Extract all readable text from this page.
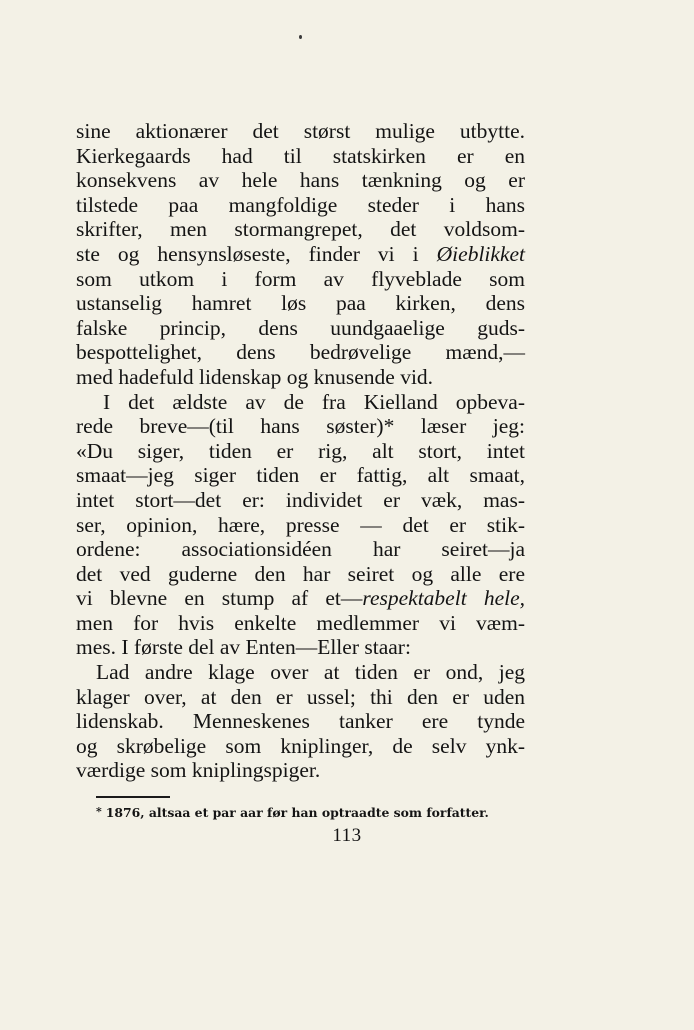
sine aktionærer det størst mulige utbytte.
Kierkegaards had til statskirken er en
konsekvens av hele hans tænkning og er
tilstede paa mangfoldige steder i hans
skrifter, men stormangrepet, det voldsom-
ste og hensynsløseste, finder vi i Øieblikket
som utkom i form av flyveblade som
ustanselig hamret løs paa kirken, dens
falske princip, dens uundgaaelige guds-
bespottelighet, dens bedrøvelige mænd,—
med hadefuld lidenskap og knusende vid.
I det ældste av de fra Kielland opbeva-
rede breve—(til hans søster)* læser jeg:
«Du siger, tiden er rig, alt stort, intet
smaat—jeg siger tiden er fattig, alt smaat,
intet stort—det er: individet er væk, mas-
ser, opinion, hære, presse — det er stik-
ordene: associationsidéen har seiret—ja
det ved guderne den har seiret og alle ere
vi blevne en stump af et—respektabelt hele,
men for hvis enkelte medlemmer vi væm-
mes. I første del av Enten—Eller staar:
Lad andre klage over at tiden er ond, jeg
klager over, at den er ussel; thi den er uden
lidenskab. Menneskenes tanker ere tynde
og skrøbelige som kniplinger, de selv ynk-
værdige som kniplingspiger.
* 1876, altsaa et par aar før han optraadte som forfatter.
113
